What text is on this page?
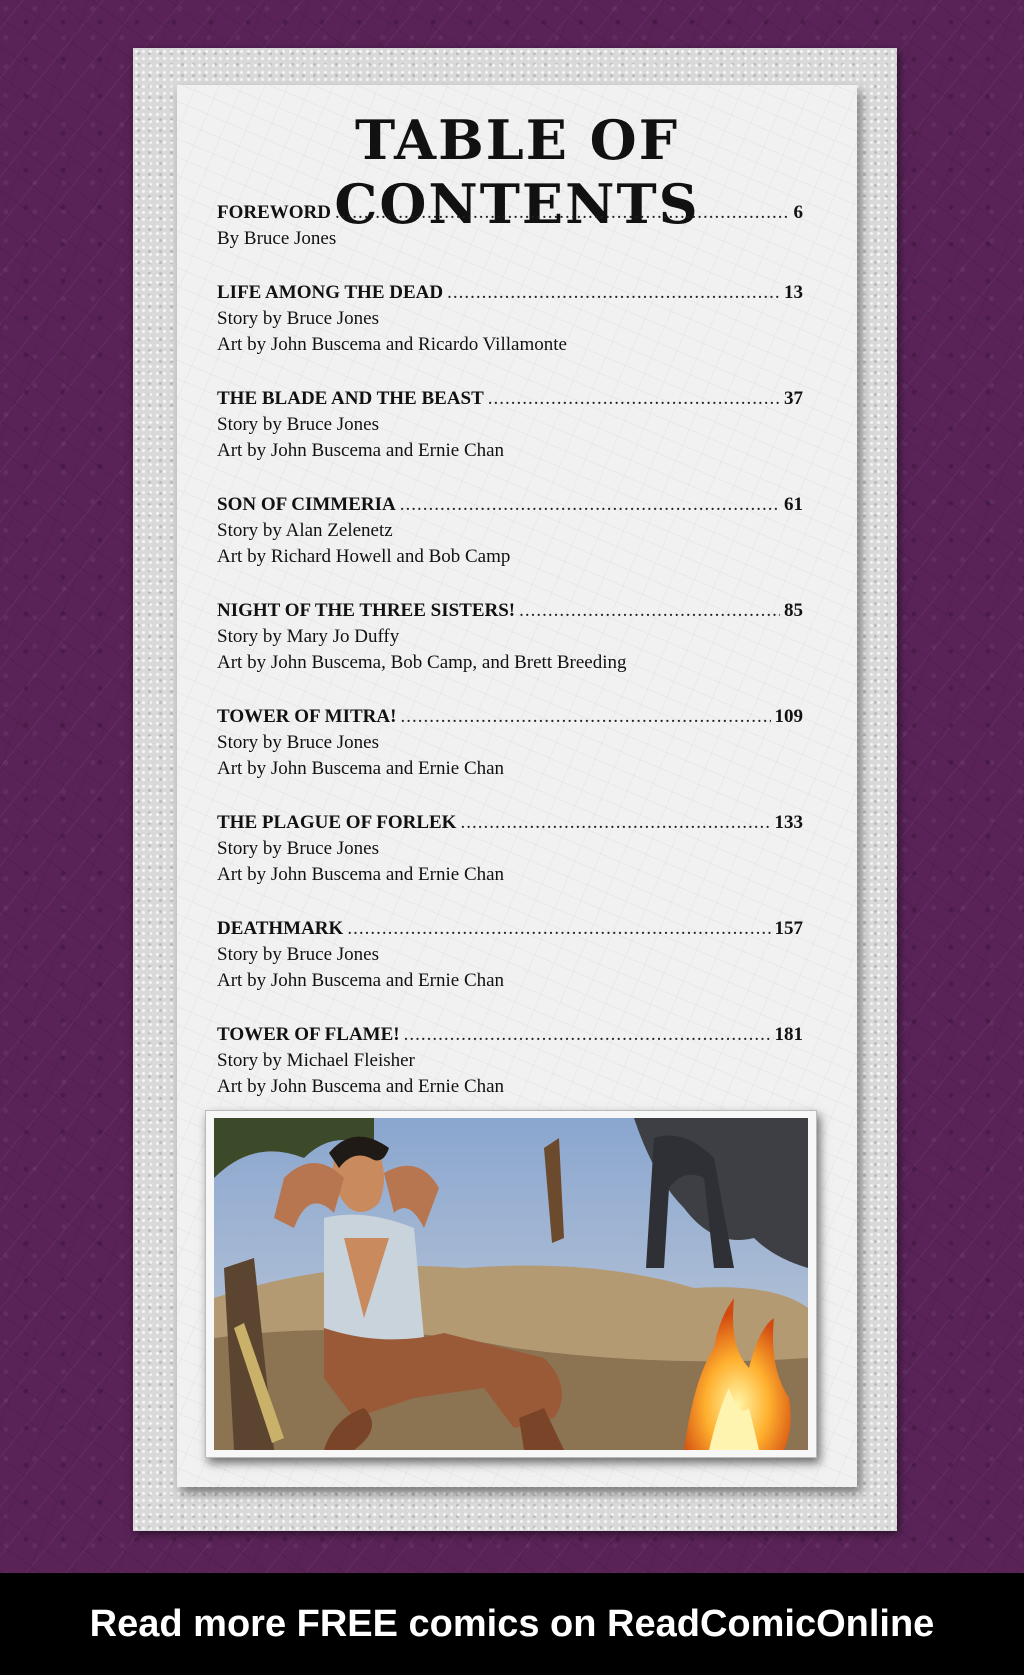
TABLE OF CONTENTS
FOREWORD .....	6
By Bruce Jones
LIFE AMONG THE DEAD .....	13
Story by Bruce Jones
Art by John Buscema and Ricardo Villamonte
THE BLADE AND THE BEAST .....	37
Story by Bruce Jones
Art by John Buscema and Ernie Chan
SON OF CIMMERIA .....	61
Story by Alan Zelenetz
Art by Richard Howell and Bob Camp
NIGHT OF THE THREE SISTERS! .....	85
Story by Mary Jo Duffy
Art by John Buscema, Bob Camp, and Brett Breeding
TOWER OF MITRA! .....	109
Story by Bruce Jones
Art by John Buscema and Ernie Chan
THE PLAGUE OF FORLEK .....	133
Story by Bruce Jones
Art by John Buscema and Ernie Chan
DEATHMARK .....	157
Story by Bruce Jones
Art by John Buscema and Ernie Chan
TOWER OF FLAME! .....	181
Story by Michael Fleisher
Art by John Buscema and Ernie Chan
Read more FREE comics on ReadComicOnline
